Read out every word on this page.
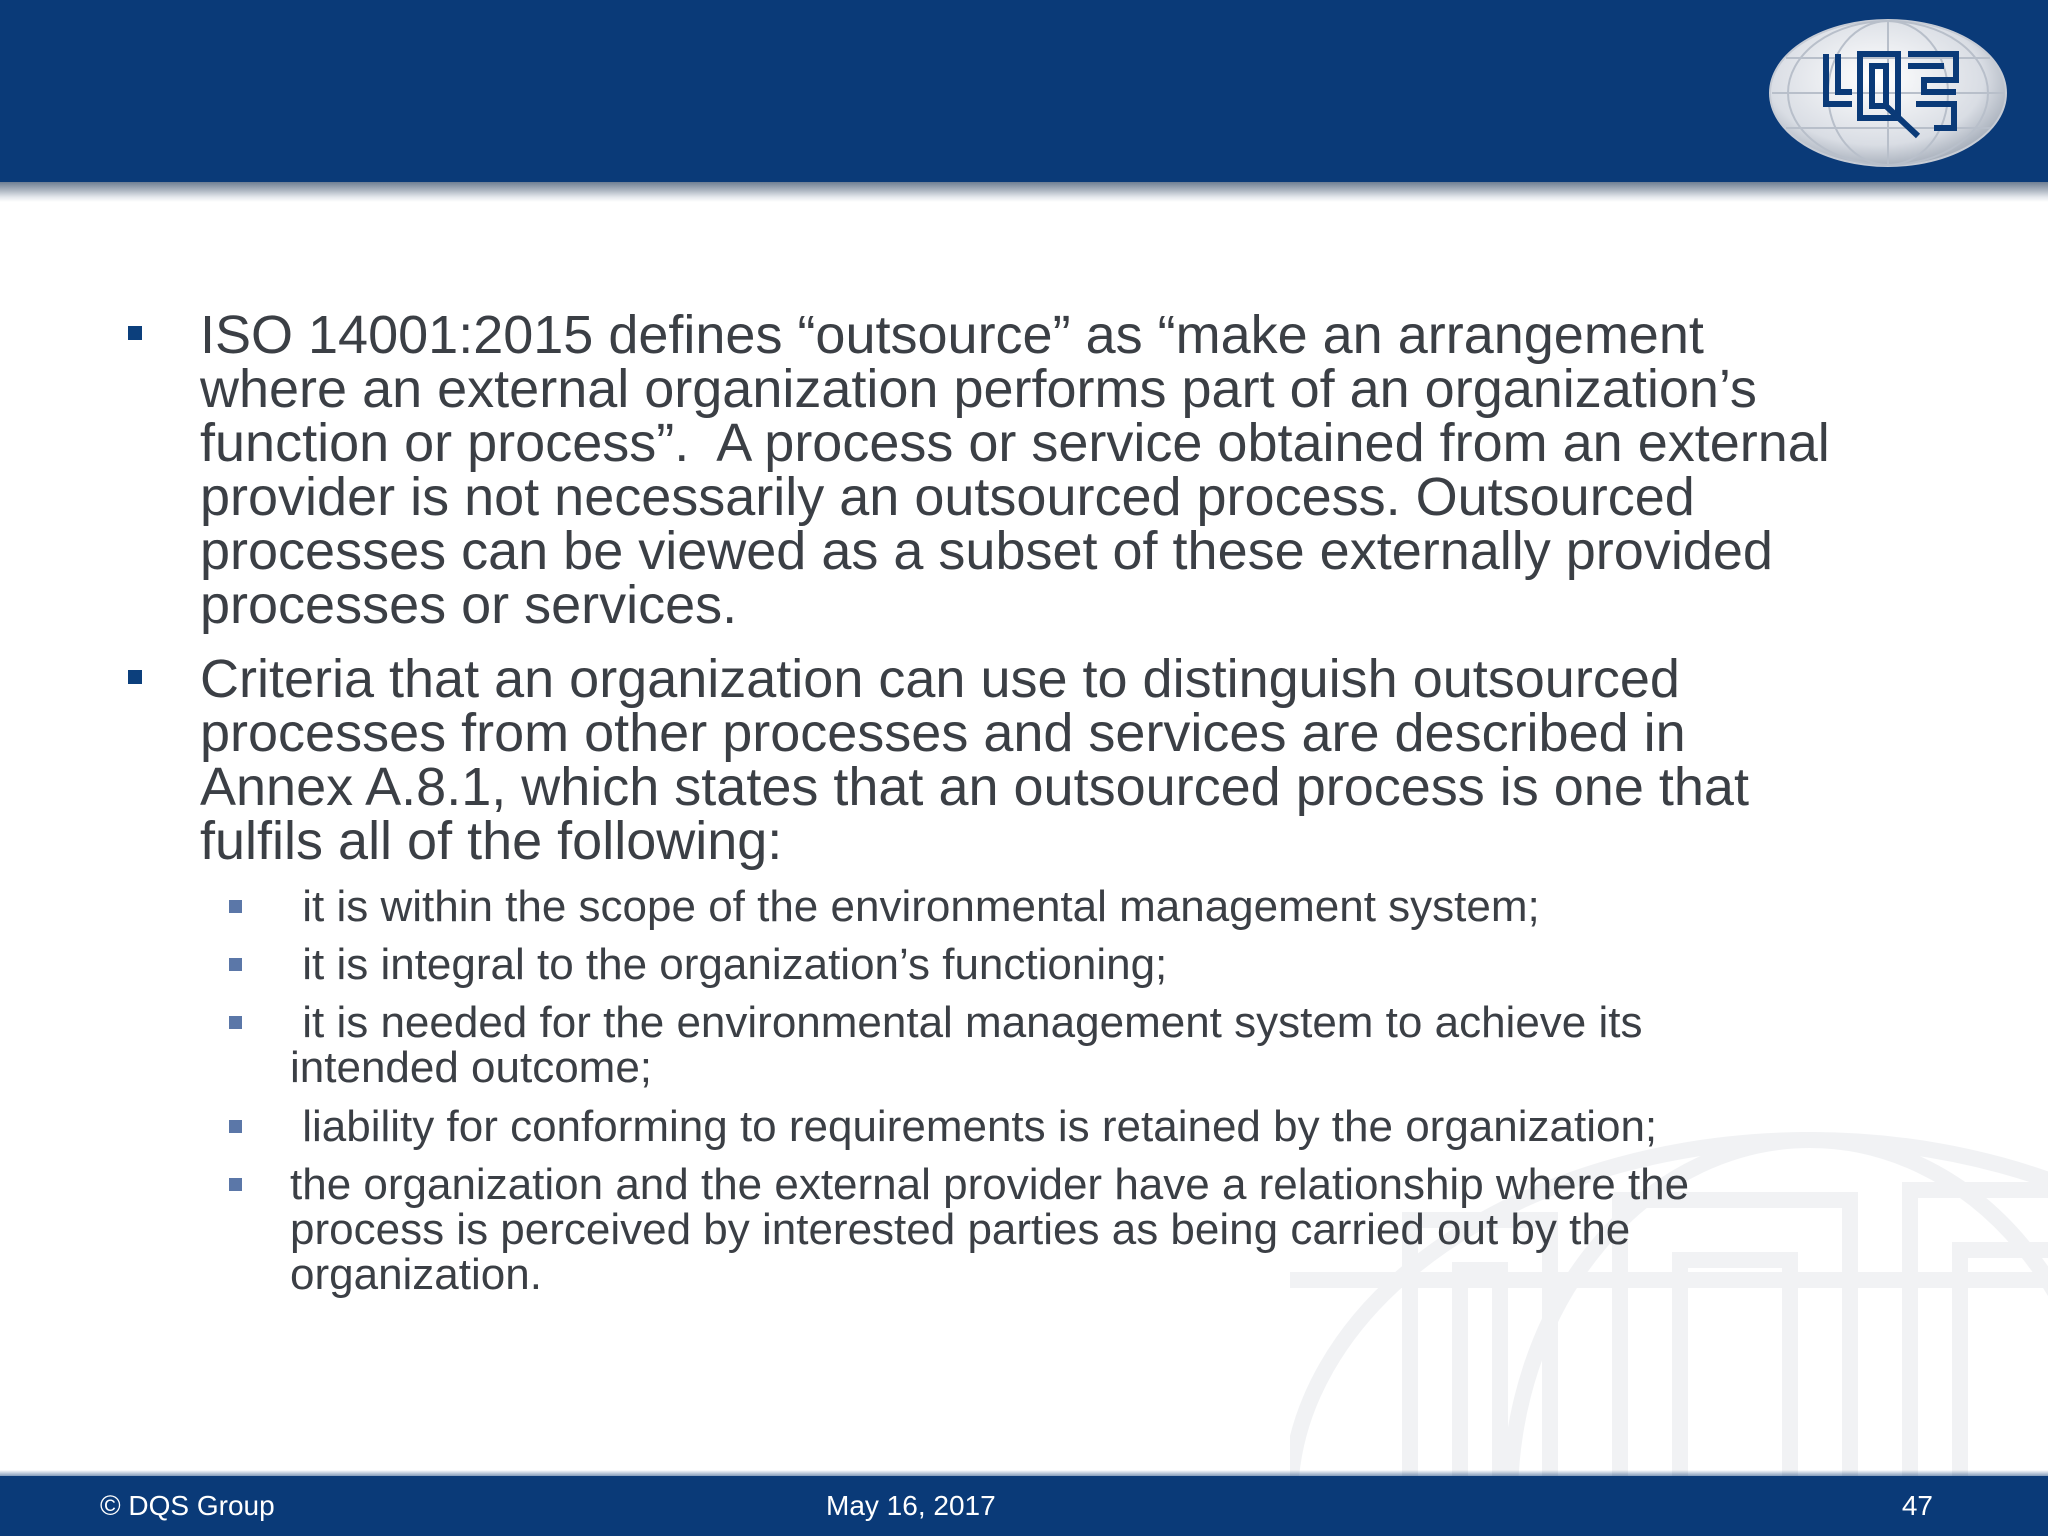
ISO 14001:2015 defines “outsource” as “make an arrangement
where an external organization performs part of an organization’s
function or process”.  A process or service obtained from an external
provider is not necessarily an outsourced process. Outsourced
processes can be viewed as a subset of these externally provided
processes or services.
Criteria that an organization can use to distinguish outsourced
processes from other processes and services are described in
Annex A.8.1, which states that an outsourced process is one that
fulfils all of the following:
it is within the scope of the environmental management system;
it is integral to the organization’s functioning;
it is needed for the environmental management system to achieve its
intended outcome;
liability for conforming to requirements is retained by the organization;
the organization and the external provider have a relationship where the
process is perceived by interested parties as being carried out by the
organization.
© DQS Group	May 16, 2017	47
